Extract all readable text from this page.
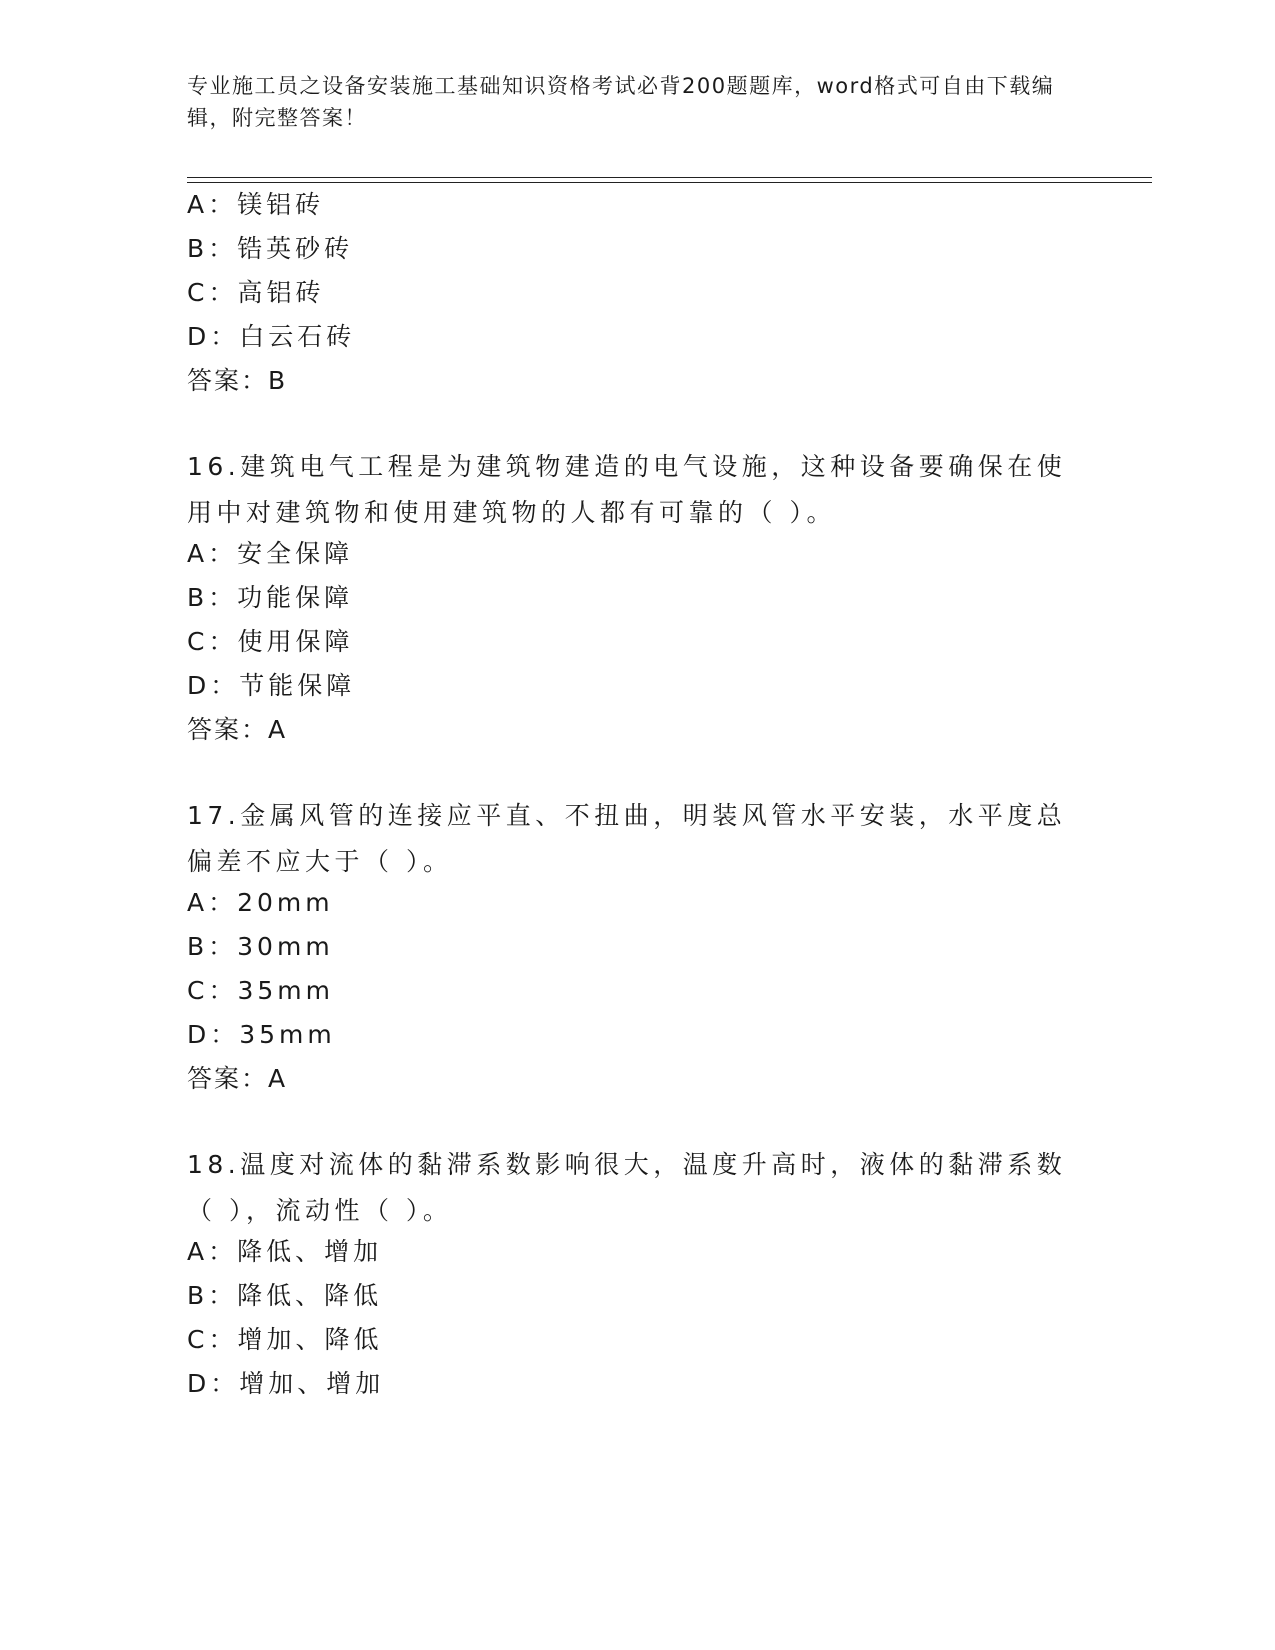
专业施工员之设备安装施工基础知识资格考试必背200题题库，word格式可自由下载编辑，附完整答案！
A：镁铝砖
B：锆英砂砖
C：高铝砖
D：白云石砖
答案：B
16.建筑电气工程是为建筑物建造的电气设施，这种设备要确保在使用中对建筑物和使用建筑物的人都有可靠的（ ）。
A：安全保障
B：功能保障
C：使用保障
D：节能保障
答案：A
17.金属风管的连接应平直、不扭曲，明装风管水平安装，水平度总偏差不应大于（ ）。
A：20mm
B：30mm
C：35mm
D：35mm
答案：A
18.温度对流体的黏滞系数影响很大，温度升高时，液体的黏滞系数（ ），流动性（ ）。
A：降低、增加
B：降低、降低
C：增加、降低
D：增加、增加
